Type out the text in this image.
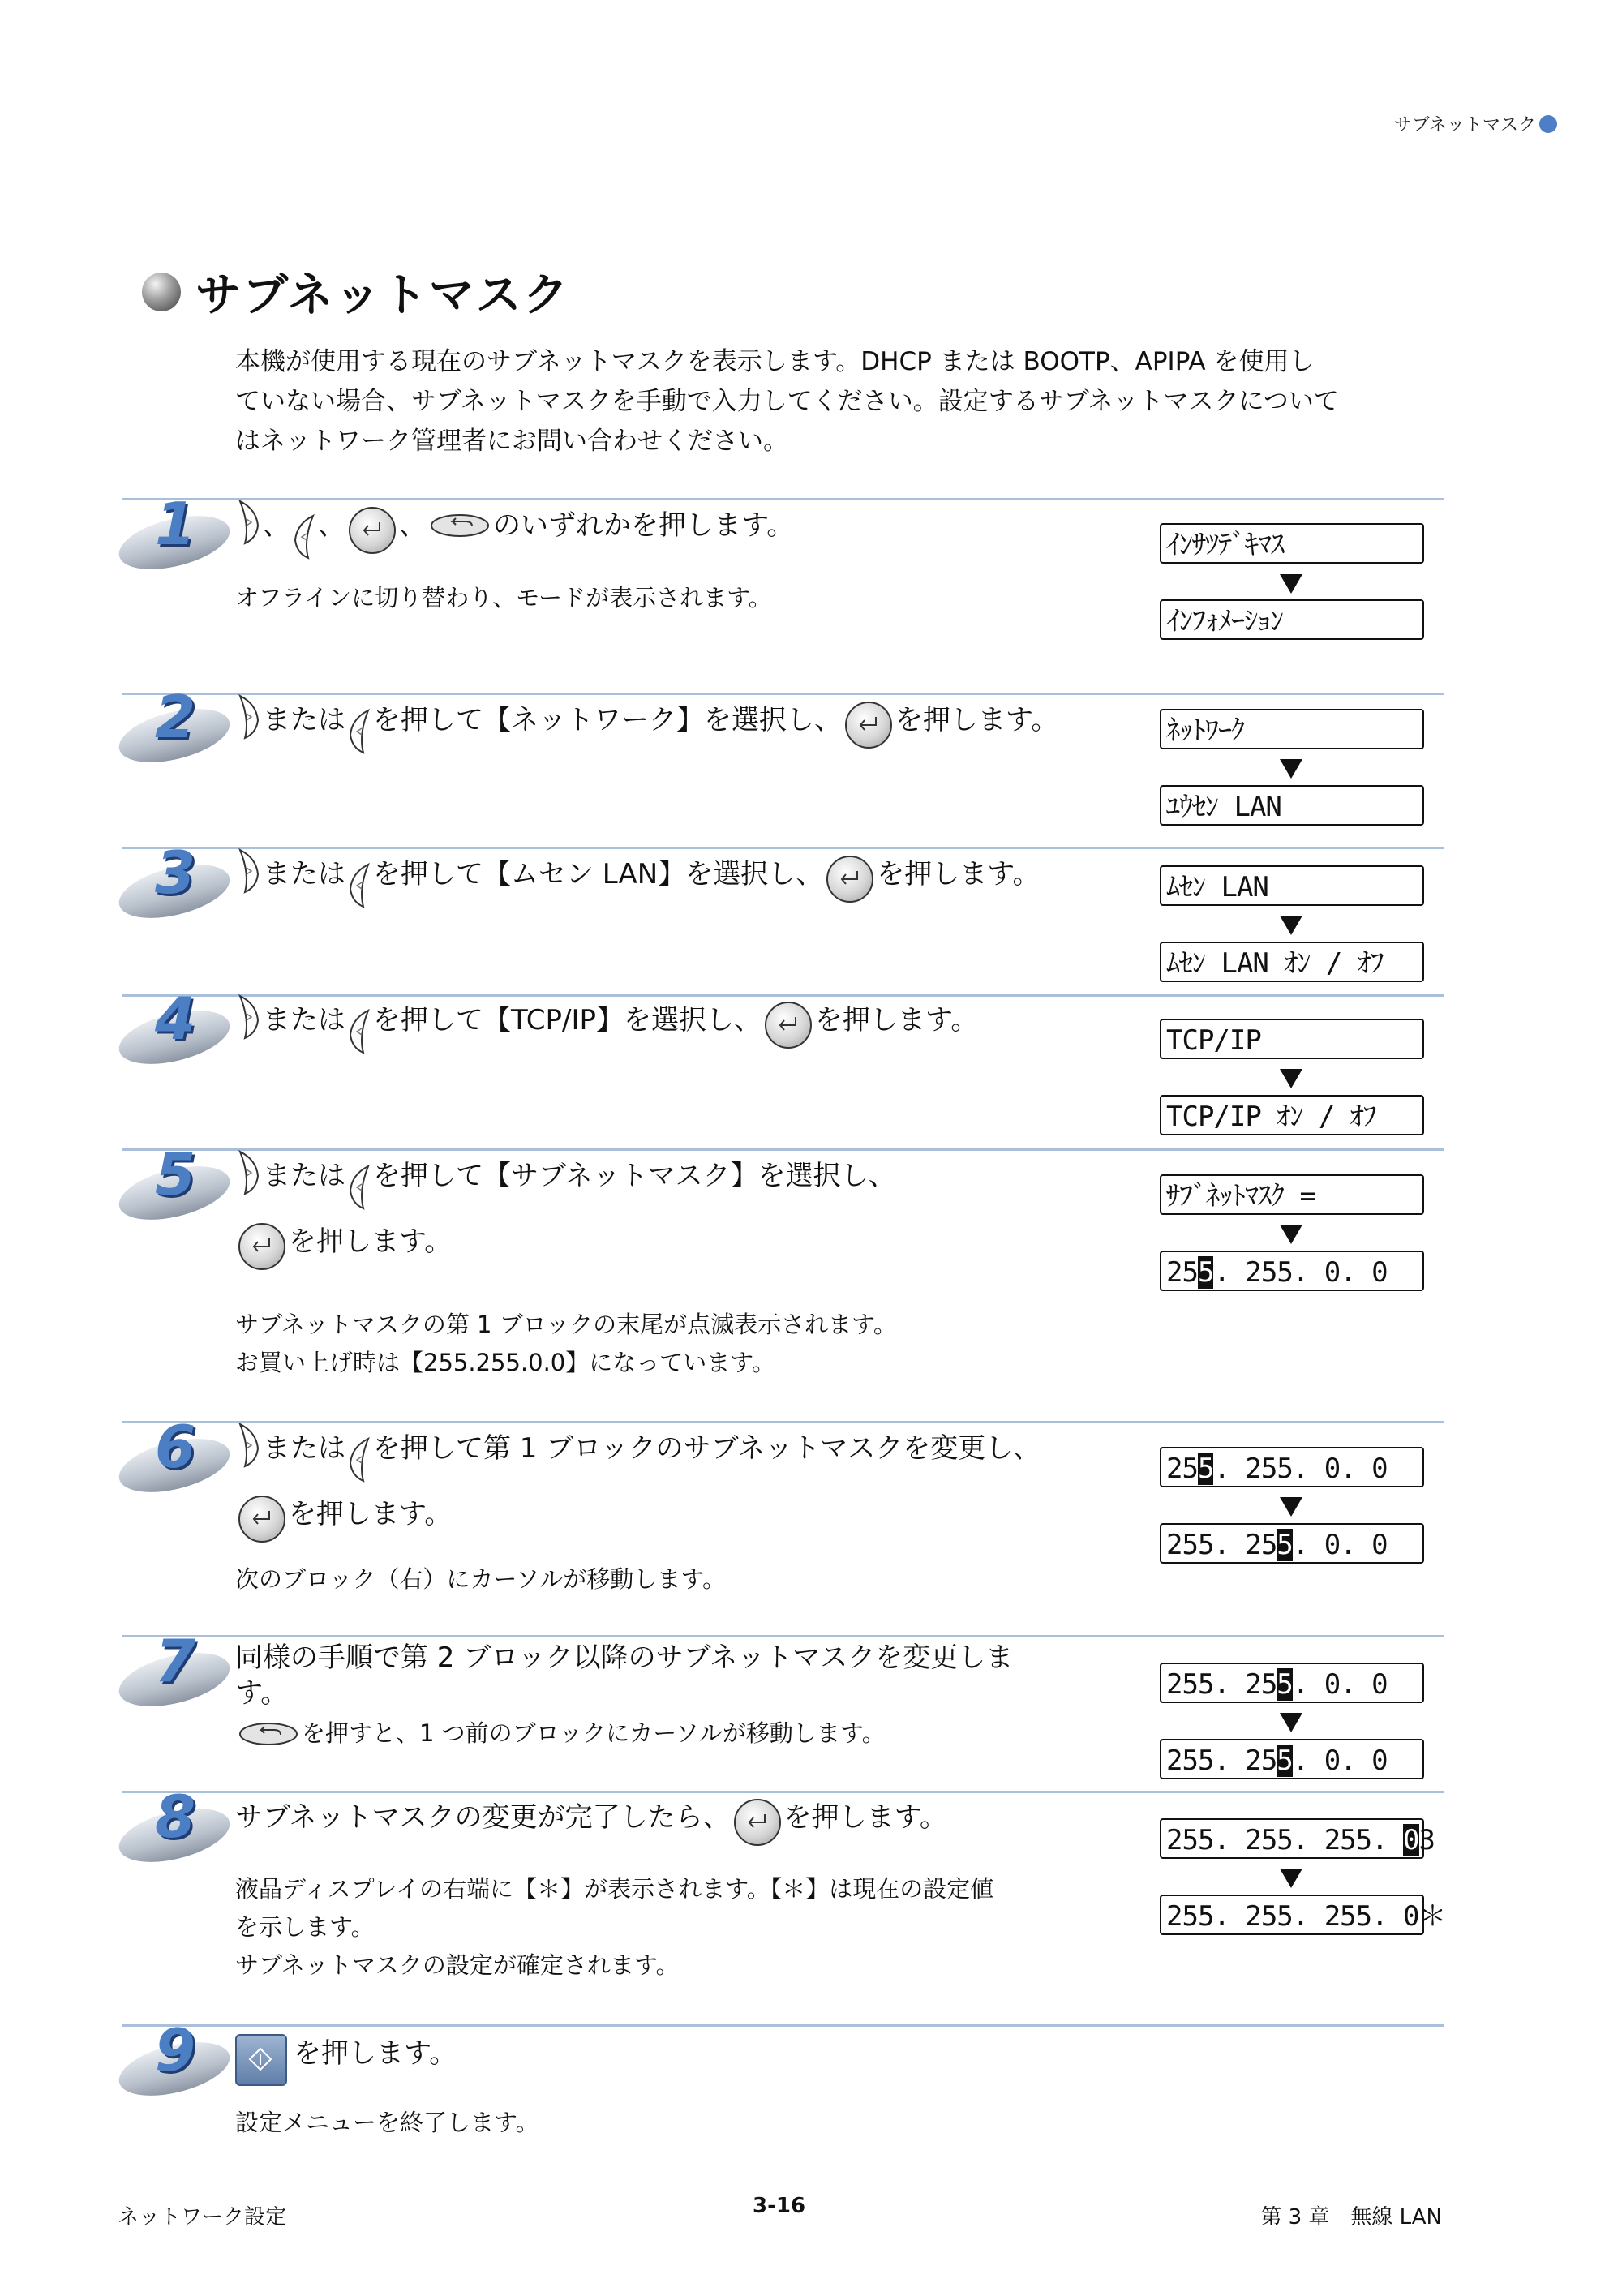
サブネットマスク
サブネットマスク

本機が使用する現在のサブネットマスクを表示します。DHCP または BOOTP、APIPA を使用し

ていない場合、サブネットマスクを手動で入力してください。設定するサブネットマスクについて

はネットワーク管理者にお問い合わせください。

1 、 、 、 のいずれかを押します。

オフラインに切り替わり、モードが表示されます。

ｲﾝｻﾂﾃﾞｷﾏｽ
ｲﾝﾌｫﾒｰｼｮﾝ
2 または を押して【ネットワーク】を選択し、 を押します。	ﾈｯﾄﾜｰｸ
ﾕｳｾﾝ LAN
3 または を押して【ムセン LAN】を選択し、 を押します。	ﾑｾﾝ LAN
ﾑｾﾝ LAN ｵﾝ / ｵﾌ
4 または を押して【TCP/IP】を選択し、 を押します。
TCP/IP
TCP/IP ｵﾝ / ｵﾌ
5 または を押して【サブネットマスク】を選択し、
を押します。

サブネットマスクの第 1 ブロックの末尾が点滅表示されます。

お買い上げ時は【255.255.0.0】になっています。

ｻﾌﾞﾈｯﾄﾏｽｸ =
255. 255. 0. 0
6 または を押して第 1 ブロックのサブネットマスクを変更し、
を押します。

次のブロック（右）にカーソルが移動します。

255. 255. 0. 0
255. 255. 0. 0
7 同様の手順で第 2 ブロック以降のサブネットマスクを変更しま
す。
を押すと、1 つ前のブロックにカーソルが移動します。
255. 255. 0. 0
255. 255. 0. 0
8 サブネットマスクの変更が完了したら、 を押します。

液晶ディスプレイの右端に【＊】が表示されます。【＊】は現在の設定値

を示します。

サブネットマスクの設定が確定されます。

255. 255. 255. 03
255. 255. 255. 0＊
9	を押します。

設定メニューを終了します。

ネットワーク設定	3-16	第 3 章　無線 LAN
